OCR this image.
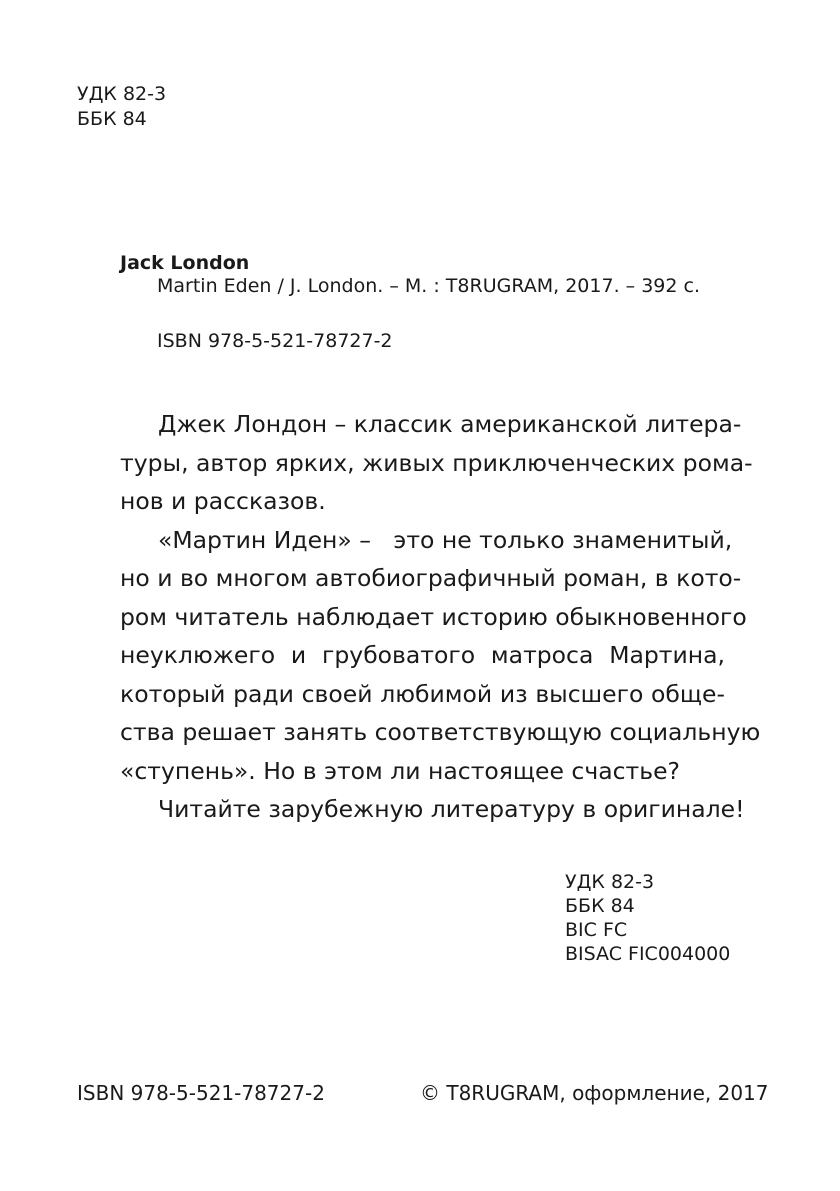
УДК 82-3
ББК 84
Jack London
Martin Eden / J. London. – M. : T8RUGRAM, 2017. – 392 c.
ISBN 978-5-521-78727-2
Джек Лондон – классик американской литера-
туры, автор ярких, живых приключенческих рома-
нов и рассказов.
«Мартин Иден» –   это не только знаменитый,
но и во многом автобиографичный роман, в кото-
ром читатель наблюдает историю обыкновенного
неуклюжего и грубоватого матроса Мартина,
который ради своей любимой из высшего обще-
ства решает занять соответствующую социальную
«ступень». Но в этом ли настоящее счастье?
Читайте зарубежную литературу в оригинале!
УДК 82-3
ББК 84
BIC FC
BISAC FIC004000
ISBN 978-5-521-78727-2	© T8RUGRAM, оформление, 2017
